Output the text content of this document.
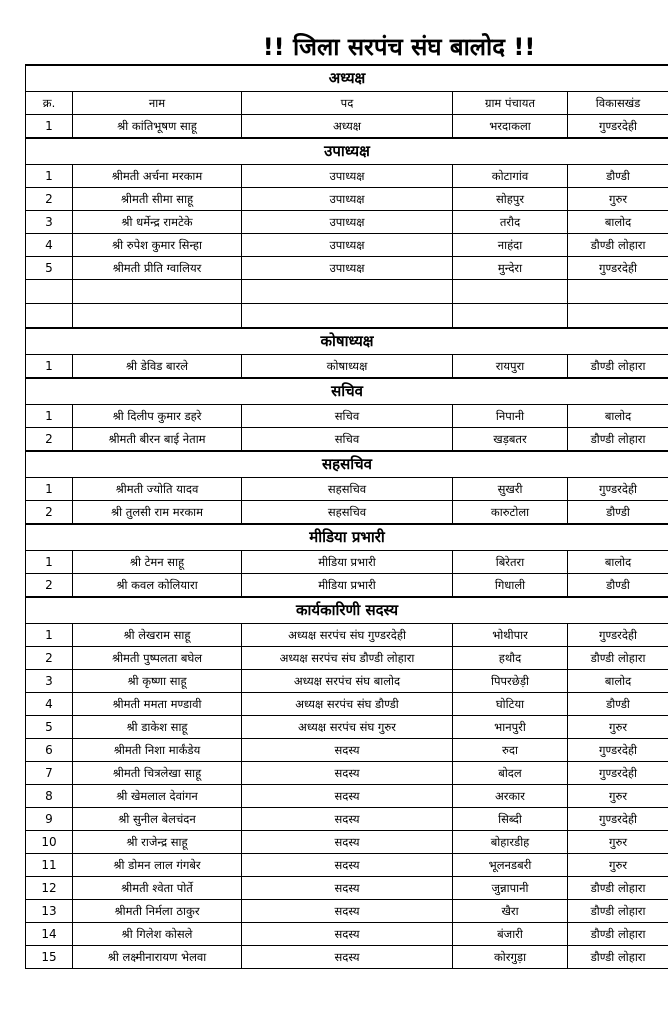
!! जिला सरपंच संघ बालोद !!
अध्यक्ष				
क्र.	नाम	पद	ग्राम पंचायत	विकासखंड
1	श्री कांतिभूषण साहू	अध्यक्ष	भरदाकला	गुण्डरदेही
उपाध्यक्ष				
1	श्रीमती अर्चना मरकाम	उपाध्यक्ष	कोटागांव	डौण्डी
2	श्रीमती सीमा साहू	उपाध्यक्ष	सोहपुर	गुरुर
3	श्री धर्मेन्द्र रामटेके	उपाध्यक्ष	तरौद	बालोद
4	श्री रुपेश कुमार सिन्हा	उपाध्यक्ष	नाहंदा	डौण्डी लोहारा
5	श्रीमती प्रीति ग्वालियर	उपाध्यक्ष	मुन्देरा	गुण्डरदेही

कोषाध्यक्ष				
1	श्री डेविड बारले	कोषाध्यक्ष	रायपुरा	डौण्डी लोहारा
सचिव				
1	श्री दिलीप कुमार डहरे	सचिव	निपानी	बालोद
2	श्रीमती बीरन बाई नेताम	सचिव	खड़बतर	डौण्डी लोहारा
सहसचिव				
1	श्रीमती ज्योति यादव	सहसचिव	सुखरी	गुण्डरदेही
2	श्री तुलसी राम मरकाम	सहसचिव	कारुटोला	डौण्डी
मीडिया प्रभारी				
1	श्री टेमन साहू	मीडिया प्रभारी	बिरेतरा	बालोद
2	श्री कवल कोलियारा	मीडिया प्रभारी	गिधाली	डौण्डी
कार्यकारिणी सदस्य				
1	श्री लेखराम साहू	अध्यक्ष सरपंच संघ गुण्डरदेही	भोथीपार	गुण्डरदेही
2	श्रीमती पुष्पलता बघेल	अध्यक्ष सरपंच संघ डौण्डी लोहारा	हथौद	डौण्डी लोहारा
3	श्री कृष्णा साहू	अध्यक्ष सरपंच संघ बालोद	पिपरछेड़ी	बालोद
4	श्रीमती ममता मण्डावी	अध्यक्ष सरपंच संघ डौण्डी	घोटिया	डौण्डी
5	श्री डाकेश साहू	अध्यक्ष सरपंच संघ गुरुर	भानपुरी	गुरुर
6	श्रीमती निशा मार्कंडेय	सदस्य	रुदा	गुण्डरदेही
7	श्रीमती चित्रलेखा साहू	सदस्य	बोदल	गुण्डरदेही
8	श्री खेमलाल देवांगन	सदस्य	अरकार	गुरुर
9	श्री सुनील बेलचंदन	सदस्य	सिब्दी	गुण्डरदेही
10	श्री राजेन्द्र साहू	सदस्य	बोहारडीह	गुरुर
11	श्री डोमन लाल गंगबेर	सदस्य	भूलनडबरी	गुरुर
12	श्रीमती श्वेता पोर्ते	सदस्य	जुन्नापानी	डौण्डी लोहारा
13	श्रीमती निर्मला ठाकुर	सदस्य	खैरा	डौण्डी लोहारा
14	श्री गिलेश कोसले	सदस्य	बंजारी	डौण्डी लोहारा
15	श्री लक्ष्मीनारायण भेलवा	सदस्य	कोरगुड़ा	डौण्डी लोहारा
